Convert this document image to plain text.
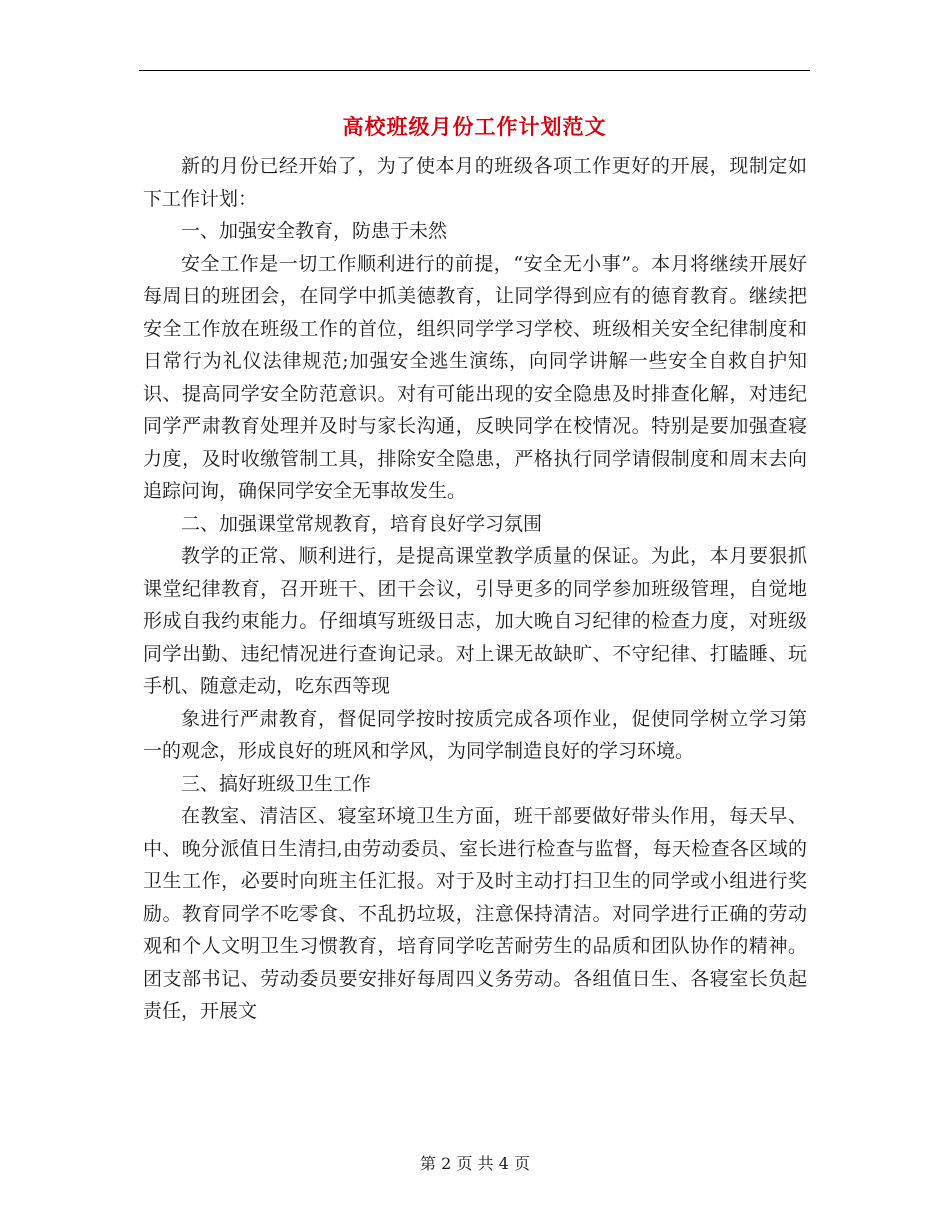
高校班级月份工作计划范文

新的月份已经开始了，为了使本月的班级各项工作更好的开展，现制定如下工作计划：

一、加强安全教育，防患于未然

安全工作是一切工作顺利进行的前提，“安全无小事”。本月将继续开展好每周日的班团会，在同学中抓美德教育，让同学得到应有的德育教育。继续把安全工作放在班级工作的首位，组织同学学习学校、班级相关安全纪律制度和日常行为礼仪法律规范;加强安全逃生演练，向同学讲解一些安全自救自护知识、提高同学安全防范意识。对有可能出现的安全隐患及时排查化解，对违纪同学严肃教育处理并及时与家长沟通，反映同学在校情况。特别是要加强查寝力度，及时收缴管制工具，排除安全隐患，严格执行同学请假制度和周末去向追踪问询，确保同学安全无事故发生。

二、加强课堂常规教育，培育良好学习氛围

教学的正常、顺利进行，是提高课堂教学质量的保证。为此，本月要狠抓课堂纪律教育，召开班干、团干会议，引导更多的同学参加班级管理，自觉地形成自我约束能力。仔细填写班级日志，加大晚自习纪律的检查力度，对班级同学出勤、违纪情况进行查询记录。对上课无故缺旷、不守纪律、打瞌睡、玩手机、随意走动，吃东西等现

象进行严肃教育，督促同学按时按质完成各项作业，促使同学树立学习第一的观念，形成良好的班风和学风，为同学制造良好的学习环境。

三、搞好班级卫生工作

在教室、清洁区、寝室环境卫生方面，班干部要做好带头作用，每天早、中、晚分派值日生清扫,由劳动委员、室长进行检查与监督，每天检查各区域的卫生工作，必要时向班主任汇报。对于及时主动打扫卫生的同学或小组进行奖励。教育同学不吃零食、不乱扔垃圾，注意保持清洁。对同学进行正确的劳动观和个人文明卫生习惯教育，培育同学吃苦耐劳生的品质和团队协作的精神。团支部书记、劳动委员要安排好每周四义务劳动。各组值日生、各寝室长负起责任，开展文

第 2 页 共 4 页
